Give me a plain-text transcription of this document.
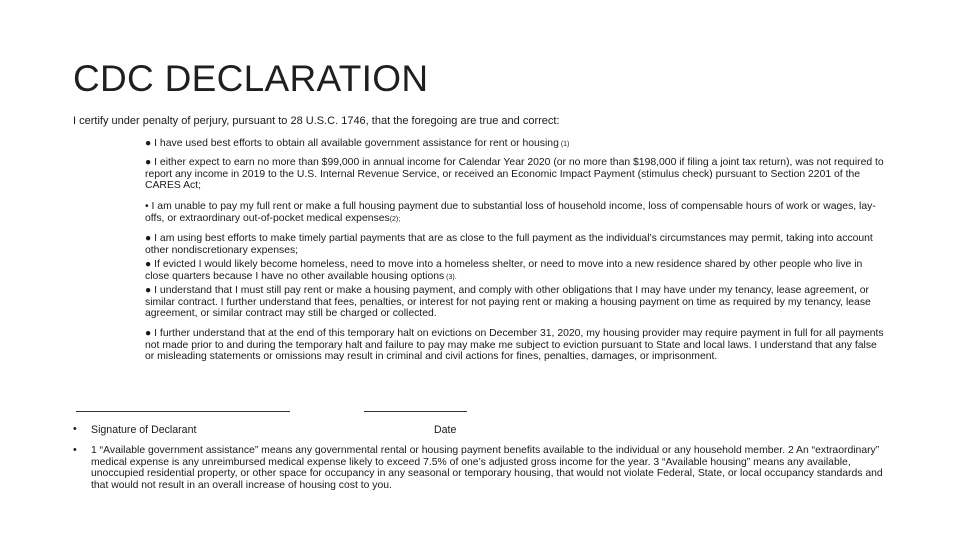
CDC DECLARATION
I certify under penalty of perjury, pursuant to 28 U.S.C. 1746, that the foregoing are true and correct:
● I have used best efforts to obtain all available government assistance for rent or housing (1)
● I either expect to earn no more than $99,000 in annual income for Calendar Year 2020 (or no more than $198,000 if filing a joint tax return), was not required to report any income in 2019 to the U.S. Internal Revenue Service, or received an Economic Impact Payment (stimulus check) pursuant to Section 2201 of the CARES Act;
• I am unable to pay my full rent or make a full housing payment due to substantial loss of household income, loss of compensable hours of work or wages, lay-offs, or extraordinary out-of-pocket medical expenses(2);
● I am using best efforts to make timely partial payments that are as close to the full payment as the individual’s circumstances may permit, taking into account other nondiscretionary expenses;
● If evicted I would likely become homeless, need to move into a homeless shelter, or need to move into a new residence shared by other people who live in close quarters because I have no other available housing options (3).
● I understand that I must still pay rent or make a housing payment, and comply with other obligations that I may have under my tenancy, lease agreement, or similar contract. I further understand that fees, penalties, or interest for not paying rent or making a housing payment on time as required by my tenancy, lease agreement, or similar contract may still be charged or collected.
● I further understand that at the end of this temporary halt on evictions on December 31, 2020, my housing provider may require payment in full for all payments not made prior to and during the temporary halt and failure to pay may make me subject to eviction pursuant to State and local laws. I understand that any false or misleading statements or omissions may result in criminal and civil actions for fines, penalties, damages, or imprisonment.
• Signature of Declarant	Date
• 1 “Available government assistance” means any governmental rental or housing payment benefits available to the individual or any household member. 2 An “extraordinary” medical expense is any unreimbursed medical expense likely to exceed 7.5% of one’s adjusted gross income for the year. 3 “Available housing” means any available, unoccupied residential property, or other space for occupancy in any seasonal or temporary housing, that would not violate Federal, State, or local occupancy standards and that would not result in an overall increase of housing cost to you.
